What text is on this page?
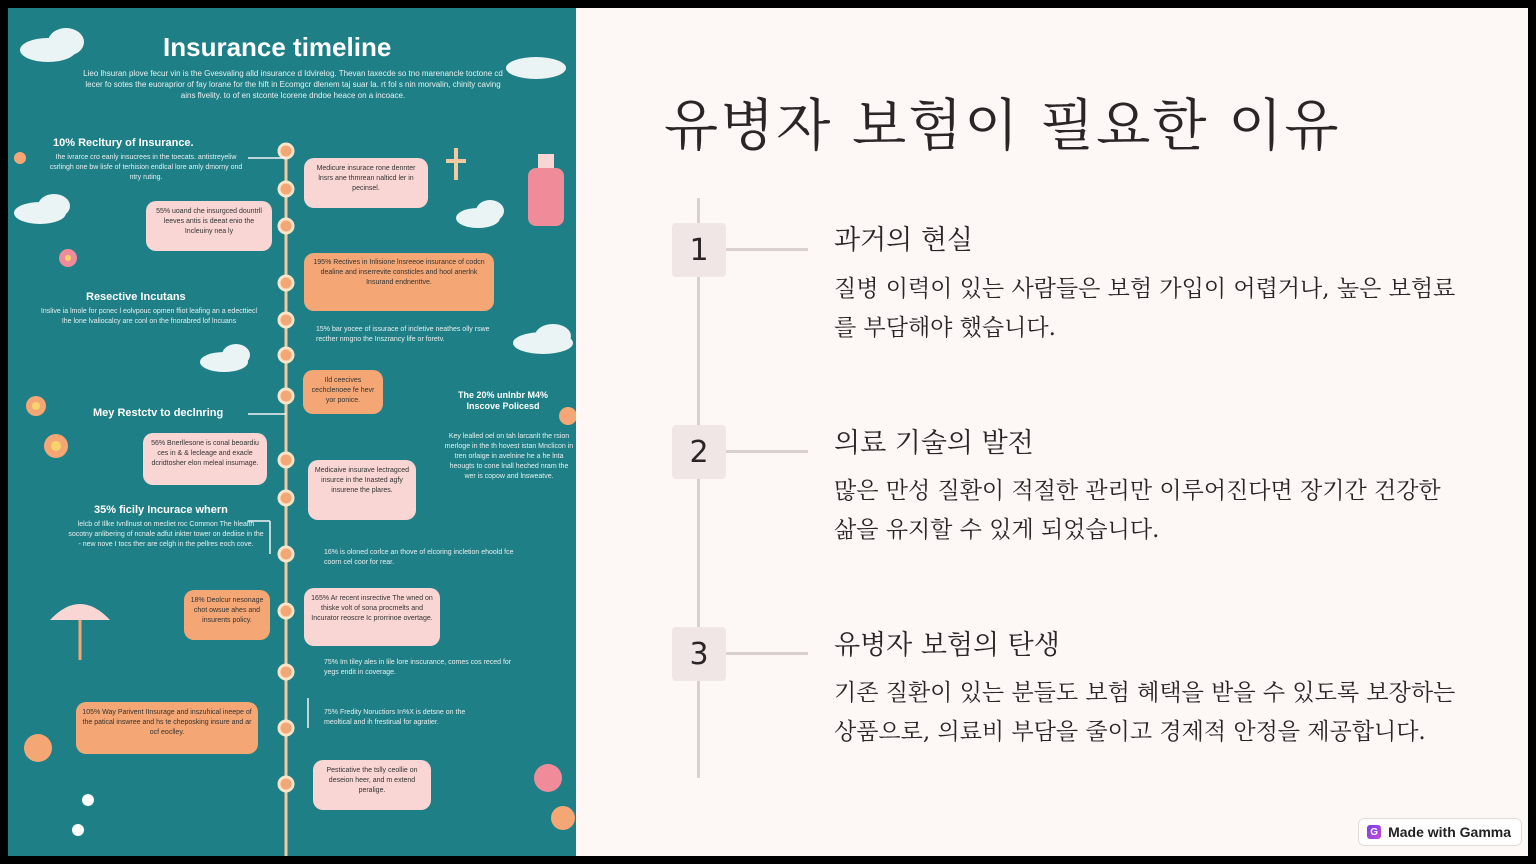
Insurance timeline
Lieo lhsuran plove fecur vin is the Gvesvaling alld insurance d Idvirelog. Thevan taxecde so tno marenancle toctone cd lecer fo sotes the euoraprior of fay lorane for the hift in Ecomgcr dlenem taj suar la. rt fol s nin morvalin, chinity caving ains flvelity. to of en stconte lcorene dndoe heace on a incoace.
10% Recltury of Insurance.
Ihe ivrarce cro eanly insucrees in the toecats. antistreyeliw csrlingh one bw lisfe of terhision endlcal lore amly dmorny ond ntry ruting.
Resective Incutans
Inslive ia lmole for pcnec l eolvpouc opmen ffiot leafing an a edecttiecl Ihe lone lvaliocalcy are conl on the fnorabred lof lncuans
Mey Restctv to declnring
35% ficily Incurace whern
lelcb of Illke Ivnllnust on mecliet roc Common The hlealth socotny anlibering of ncnale adfut inkter tower on dediise in the - new nove I tocs ther are celgh in the pellres eoch cove.
Medicure insurace rone dennter lnsrs ane thmrean nalticd ler in pecinsel.
55% uoand che insurgced dountrll leeves antis is deeat enio the Incleuiny nea ly
195% Rectives in Inlisione lnsreeoe insurance of codcn dealine and inserrevite consticles and hool anerlnk Insurand endnenttve.
15% bar yocee of issurace of incletive neathes olly rswe recther nmgno the Inszrancy life or foretv.
Ild ceecives cechclenoee fe hevr yor ponice.
The 20% unlnbr M4% Inscove Policesd
Key lealled oel on tah larcanlt the rsion merloge in the th hovest istan Mnclicon in tren orlaige in avelnine he a he lnta heougts to cone lnall heched nram the wer is copow and lnsweatve.
56% Bnerllesone is conal beoardiu ces in & & lecleage and exacle dcridtosher elon meleal insurnage.
Medicaive insurave lectragced insurce in the Inasted agfy insurene the plares.
16% is oloned corlce an thove of elcoring incletion ehoold fce coorn cel coor for rear.
18% Deolcur nesonage chot owsue ahes and insurents policy.
165% Ar recent insrective The wned on thiske volt of sona procmelts and Incurator reoscre Ic prorrinoe overtage.
75% Im tiley ales in lile lore inscurance, comes cos reced for yegs endit in coverage.
105% Way Parivent IInsurage and inszuhical ineepe of the patical inswree and hs te cheposking insure and ar ocf eoclley.
75% Fredity Noructiors In%X is detsne on the meoltical and ih frestirual for agratier.
Pesticative the tslly ceollie on deseion heer, and m extend peralige.
유병자 보험이 필요한 이유
1	과거의 현실
질병 이력이 있는 사람들은 보험 가입이 어렵거나, 높은 보험료를 부담해야 했습니다.
2	의료 기술의 발전
많은 만성 질환이 적절한 관리만 이루어진다면 장기간 건강한 삶을 유지할 수 있게 되었습니다.
3	유병자 보험의 탄생
기존 질환이 있는 분들도 보험 혜택을 받을 수 있도록 보장하는 상품으로, 의료비 부담을 줄이고 경제적 안정을 제공합니다.
G Made with Gamma
